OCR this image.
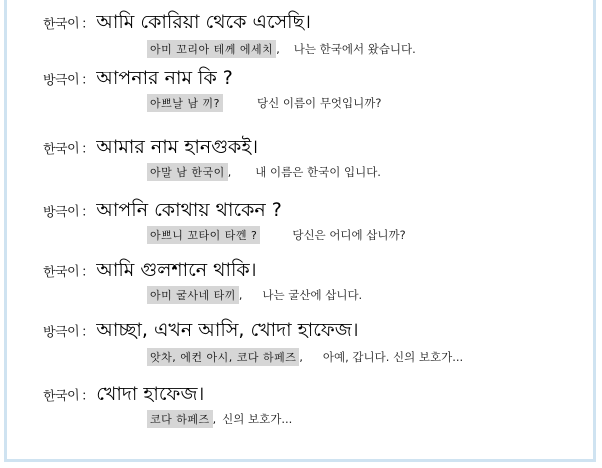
한국이 ： আমি কোরিয়া থেকে এসেছি।
아미 꼬리아 테께 에세치 , 나는 한국에서 왔습니다.
방극이 ： আপনার নাম কি ?
아쁘날 남 끼?	당신 이름이 무엇입니까?
한국이 ： আমার নাম হানগুকই।
아말 남 한국이 , 내 이름은 한국이 입니다.
방극이 ： আপনি কোথায় থাকেন ?
아쁘니 꼬타이 타껜 ?	당신은 어디에 삽니까?
한국이 ： আমি গুলশানে থাকি।
아미 굴사네 타끼 , 나는 굴산에 삽니다.
방극이 ： আচ্ছা, এখন আসি, খোদা হাফেজ।
앗차, 에컨 아시, 코다 하페즈 , 아예, 갑니다. 신의 보호가...
한국이 ： খোদা হাফেজ।
코다 하페즈 , 신의 보호가...
